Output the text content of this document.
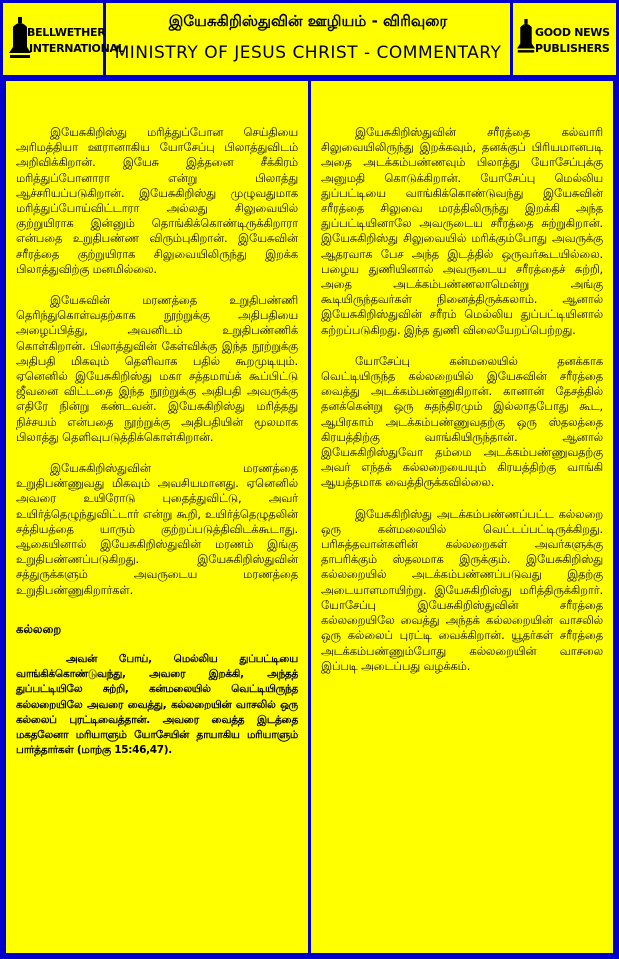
BELLWETHER
INTERNATIONAL
இயேசுகிறிஸ்துவின் ஊழியம் - விரிவுரை
MINISTRY OF JESUS CHRIST - COMMENTARY
GOOD NEWS
PUBLISHERS

இயேசுகிறிஸ்து மரித்துப்போன செய்தியை அரிமத்தியா ஊரானாகிய யோசேப்பு பிலாத்துவிடம் அறிவிக்கிறான். இயேசு இத்தனை சீக்கிரம் மரித்துப்போனாரா என்று பிலாத்து ஆச்சரியப்படுகிறான். இயேசுகிறிஸ்து முழுவதுமாக மரித்துப்போய்விட்டாரா அல்லது சிலுவையில் குற்றுயிராக இன்னும் தொங்கிக்கொண்டிருக்கிறாரா என்பதை உறுதிபண்ண விரும்புகிறான். இயேசுவின் சரீரத்தை குற்றுயிராக சிலுவையிலிருந்து இறக்க பிலாத்துவிற்கு மனமில்லை.

இயேசுவின் மரணத்தை உறுதிபண்ணி தெரிந்துகொள்வதற்காக நூற்றுக்கு அதிபதியை அழைப்பித்து, அவனிடம் உறுதிபண்ணிக் கொள்கிறான். பிலாத்துவின் கேள்விக்கு இந்த நூற்றுக்கு அதிபதி மிகவும் தெளிவாக பதில் கூறமுடியும். ஏனெனில் இயேசுகிறிஸ்து மகா சத்தமாய்க் கூப்பிட்டு ஜீவனை விட்டதை இந்த நூற்றுக்கு அதிபதி அவருக்கு எதிரே நின்று கண்டவன். இயேசுகிறிஸ்து மரித்தது நிச்சயம் என்பதை நூற்றுக்கு அதிபதியின் மூலமாக பிலாத்து தெளிவுபடுத்திக்கொள்கிறான்.

இயேசுகிறிஸ்துவின் மரணத்தை உறுதிபண்ணுவது மிகவும் அவசியமானது. ஏனெனில் அவரை உயிரோடு புதைத்துவிட்டு, அவர் உயிர்த்தெழுந்துவிட்டார் என்று கூறி, உயிர்த்தெழுதலின் சத்தியத்தை யாரும் குற்றப்படுத்திவிடக்கூடாது. ஆகையினால் இயேசுகிறிஸ்துவின் மரணம் இங்கு உறுதிபண்ணப்படுகிறது. இயேசுகிறிஸ்துவின் சத்துருக்களும் அவருடைய மரணத்தை உறுதிபண்ணுகிறார்கள்.

கல்லறை
அவன் போய், மெல்லிய துப்பட்டியை வாங்கிக்கொண்டுவந்து, அவரை இறக்கி, அந்தத் துப்பட்டியிலே சுற்றி, கன்மலையில் வெட்டியிருந்த கல்லறையிலே அவரை வைத்து, கல்லறையின் வாசலில் ஒரு கல்லைப் புரட்டிவைத்தான். அவரை வைத்த இடத்தை மகதலேனா மரியாளும் யோசேயின் தாயாகிய மரியாளும் பார்த்தார்கள் (மாற்கு 15:46,47).

இயேசுகிறிஸ்துவின் சரீரத்தை கல்வாரி சிலுவையிலிருந்து இறக்கவும், தனக்குப் பிரியமானபடி அதை அடக்கம்பண்ணவும் பிலாத்து யோசேப்புக்கு அனுமதி கொடுக்கிறான். யோசேப்பு மெல்லிய துப்பட்டியை வாங்கிக்கொண்டுவந்து இயேசுவின் சரீரத்தை சிலுவை மரத்திலிருந்து இறக்கி அந்த துப்பட்டியினாலே அவருடைய சரீரத்தை சுற்றுகிறான். இயேசுகிறிஸ்து சிலுவையில் மரிக்கும்போது அவருக்கு ஆதரவாக பேச அந்த இடத்தில் ஒருவர்கூடயில்லை. பழைய துணியினால் அவருடைய சரீரத்தைச் சுற்றி, அதை அடக்கம்பண்ணலாமென்று அங்கு கூடியிருந்தவர்கள் நினைத்திருக்கலாம். ஆனால் இயேசுகிறிஸ்துவின் சரீரம் மெல்லிய துப்பட்டியினால் சுற்றப்படுகிறது. இந்த துணி விலையேறப்பெற்றது.

யோசேப்பு கன்மலையில் தனக்காக வெட்டியிருந்த கல்லறையில் இயேசுவின் சரீரத்தை வைத்து அடக்கம்பண்ணுகிறான். கானான் தேசத்தில் தனக்கென்று ஒரு சுதந்திரமும் இல்லாதபோது கூட, ஆபிரகாம் அடக்கம்பண்ணுவதற்கு ஒரு ஸ்தலத்தை கிரயத்திற்கு வாங்கியிருந்தான். ஆனால் இயேசுகிறிஸ்துவோ தம்மை அடக்கம்பண்ணுவதற்கு அவர் எந்தக் கல்லறையையும் கிரயத்திற்கு வாங்கி ஆயத்தமாக வைத்திருக்கவில்லை.

இயேசுகிறிஸ்து அடக்கம்பண்ணப்பட்ட கல்லறை ஒரு கன்மலையில் வெட்டப்பட்டிருக்கிறது. பரிசுத்தவான்களின் கல்லறைகள் அவர்களுக்கு தாபரிக்கும் ஸ்தலமாக இருக்கும். இயேசுகிறிஸ்து கல்லறையில் அடக்கம்பண்ணப்படுவது இதற்கு அடையாளமாயிற்று. இயேசுகிறிஸ்து மரித்திருக்கிறார். யோசேப்பு இயேசுகிறிஸ்துவின் சரீரத்தை கல்லறையிலே வைத்து அந்தக் கல்லறையின் வாசலில் ஒரு கல்லைப் புரட்டி வைக்கிறான். யூதர்கள் சரீரத்தை அடக்கம்பண்ணும்போது கல்லறையின் வாசலை இப்படி அடைப்பது வழக்கம்.
